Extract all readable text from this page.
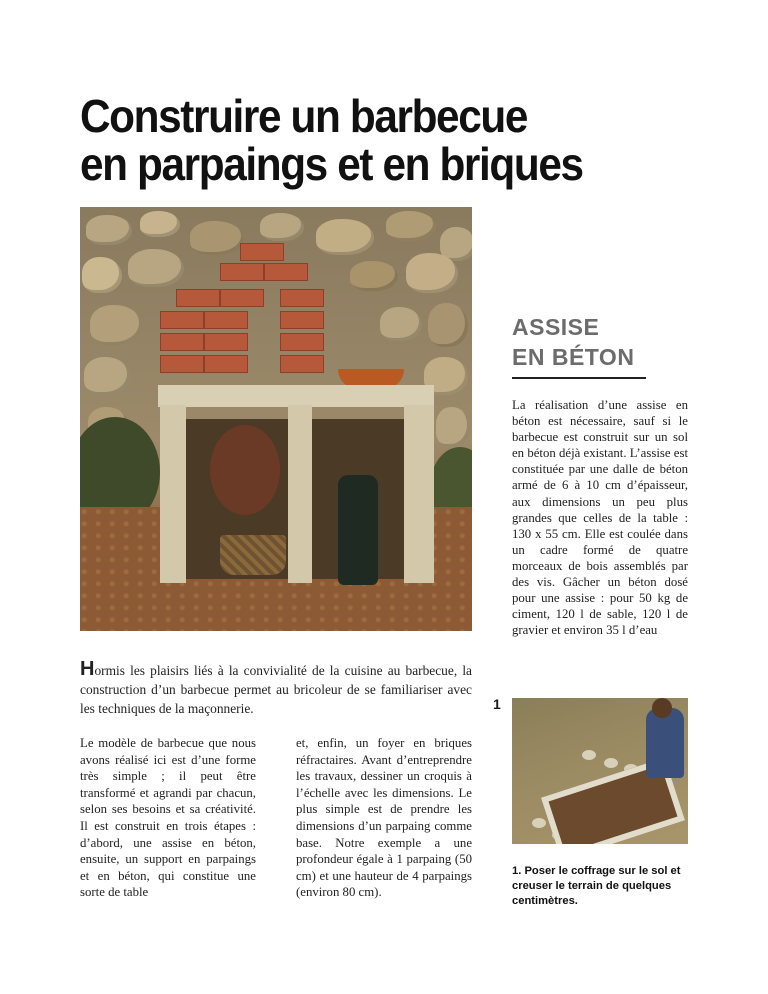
Construire un barbecue
en parpaings et en briques

Hormis les plaisirs liés à la convivialité de la cuisine au barbecue, la construction d’un barbecue permet au bricoleur de se familiariser avec les techniques de la maçonnerie.

Le modèle de barbecue que nous avons réalisé ici est d’une forme très simple ; il peut être transformé et agrandi par chacun, selon ses besoins et sa créativité. Il est construit en trois étapes : d’abord, une assise en béton, ensuite, un support en parpaings et en béton, qui constitue une sorte de table

et, enfin, un foyer en briques réfractaires. Avant d’entreprendre les travaux, dessiner un croquis à l’échelle avec les dimensions. Le plus simple est de prendre les dimensions d’un parpaing comme base. Notre exemple a une profondeur égale à 1 parpaing (50 cm) et une hauteur de 4 parpaings (environ 80 cm).

ASSISE
EN BÉTON

La réalisation d’une assise en béton est nécessaire, sauf si le barbecue est construit sur un sol en béton déjà existant. L’assise est constituée par une dalle de béton armé de 6 à 10 cm d’épaisseur, aux dimensions un peu plus grandes que celles de la table : 130 x 55 cm. Elle est coulée dans un cadre formé de quatre morceaux de bois assemblés par des vis. Gâcher un béton dosé pour une assise : pour 50 kg de ciment, 120 l de sable, 120 l de gravier et environ 35 l d’eau

1

1. Poser le coffrage sur le sol et creuser le terrain de quelques centimètres.
